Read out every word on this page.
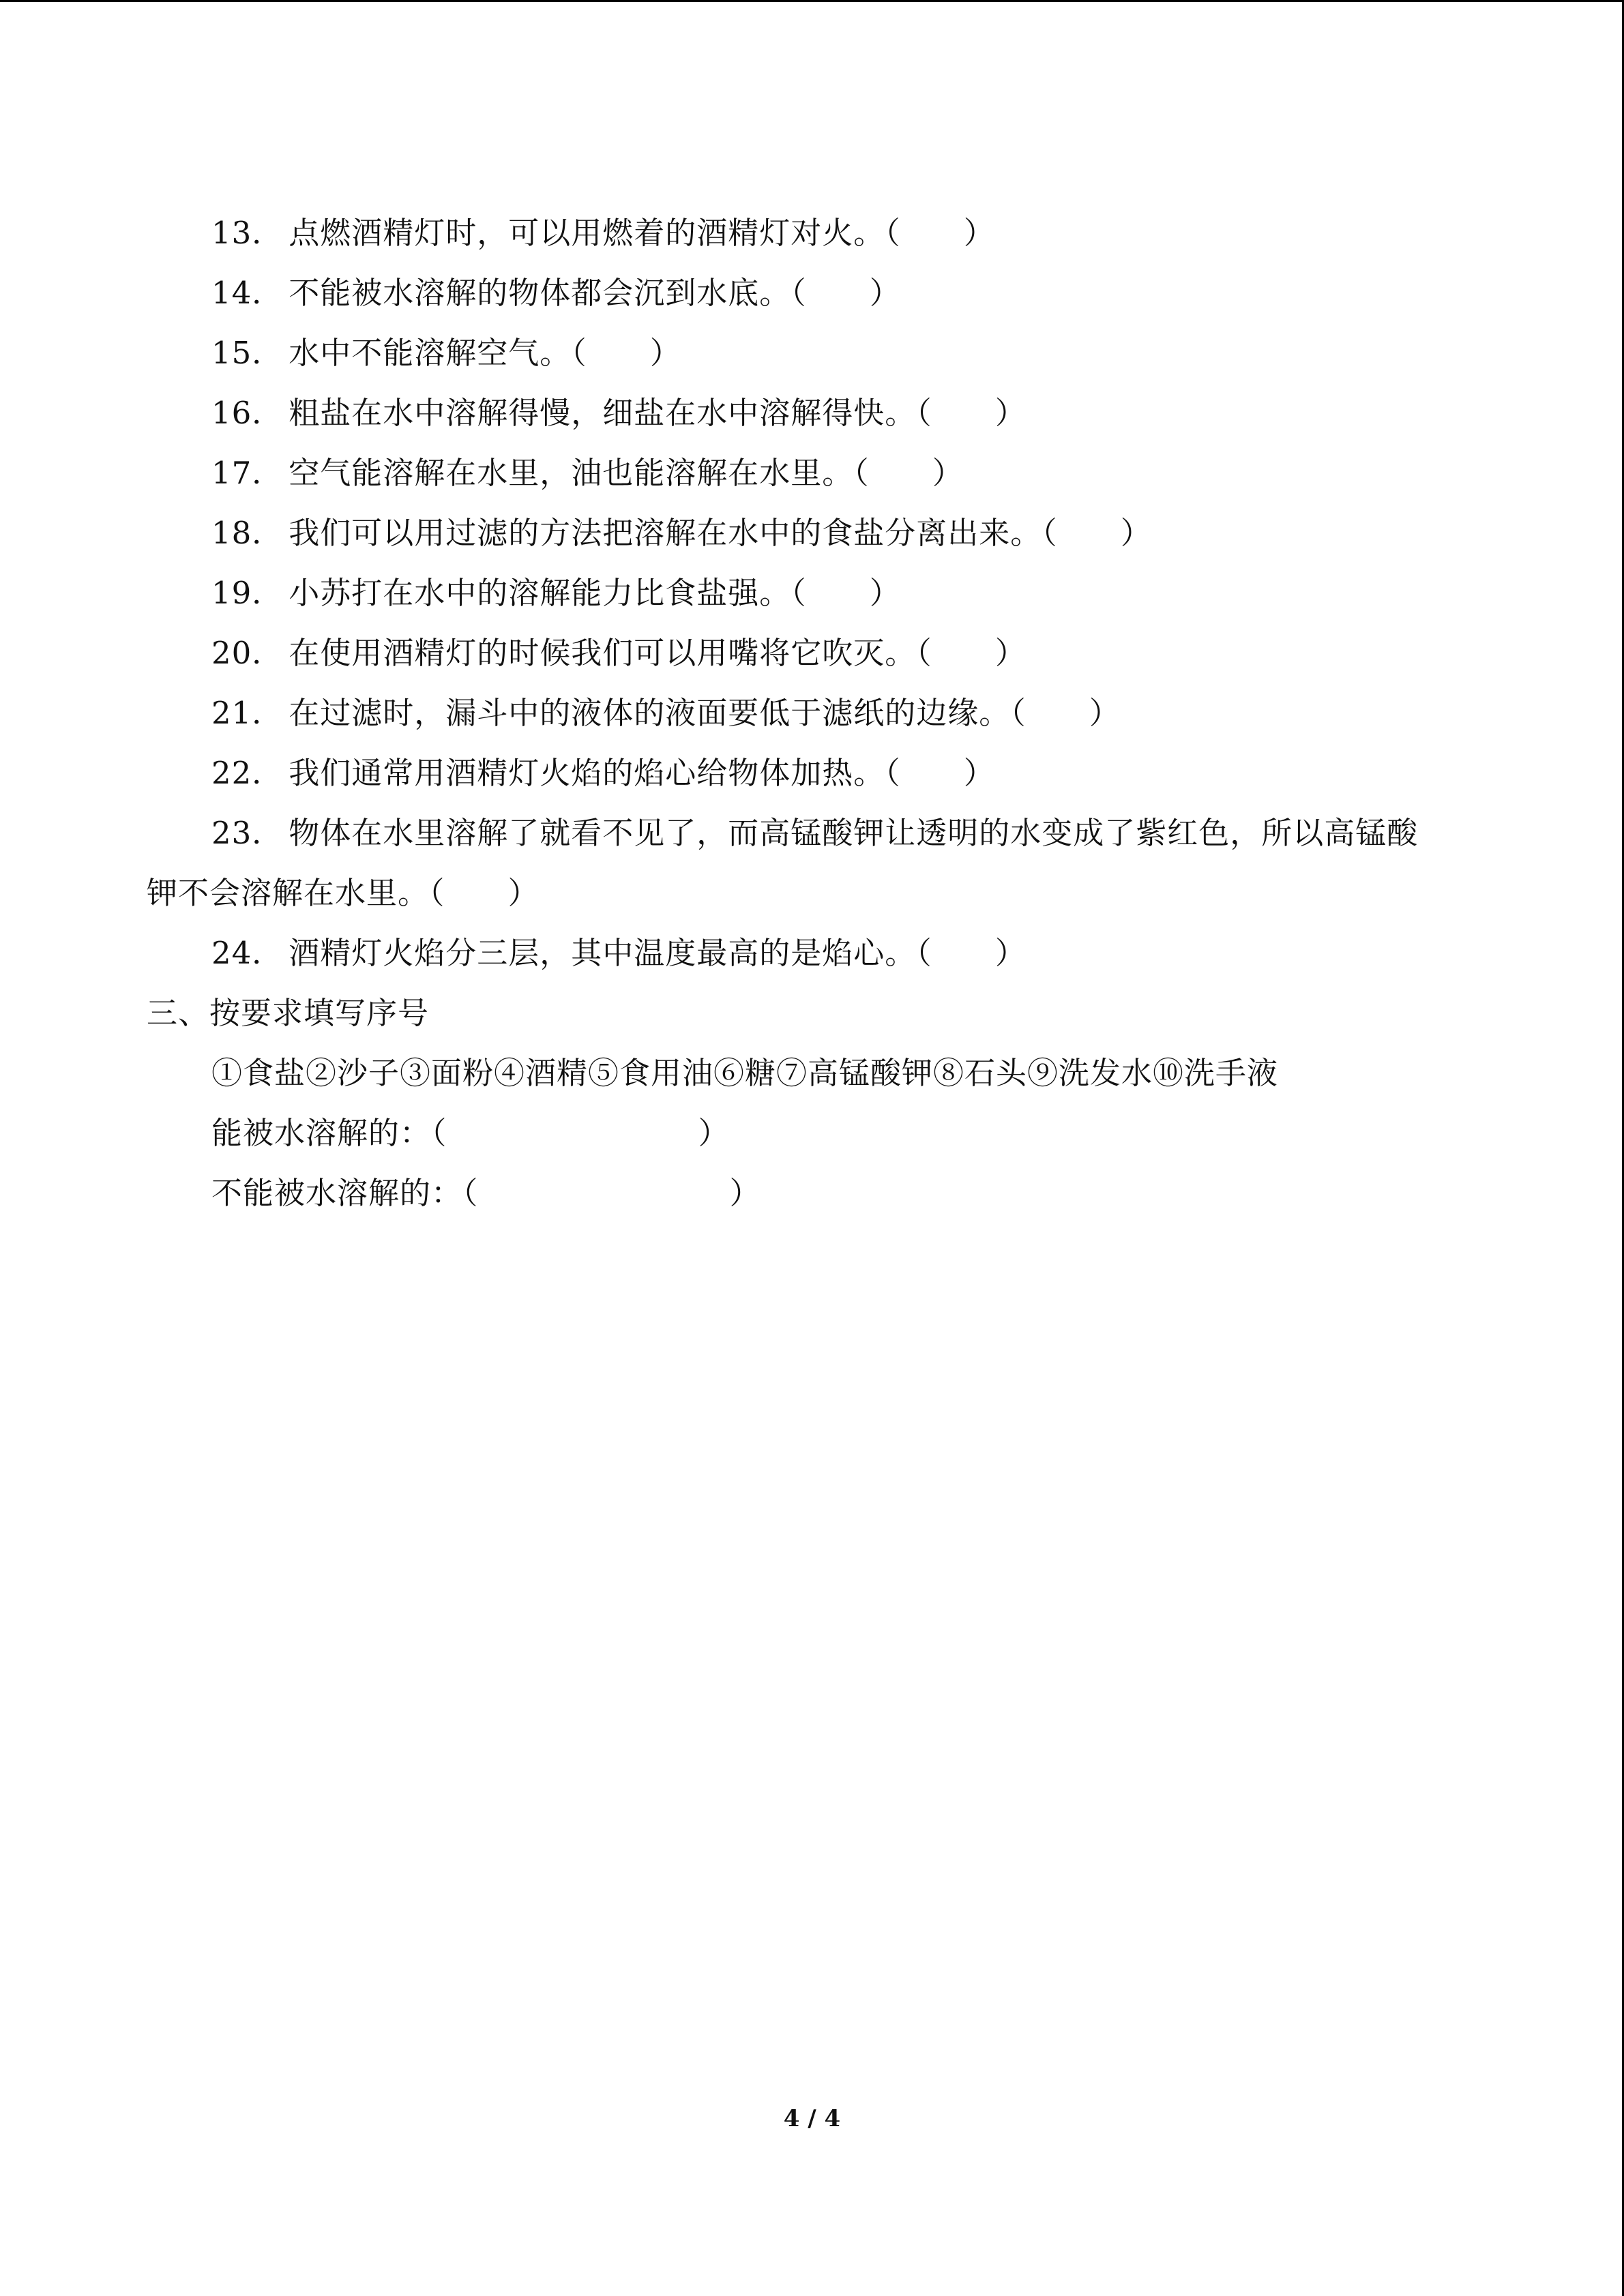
13． 点燃酒精灯时，可以用燃着的酒精灯对火。（　　）
14． 不能被水溶解的物体都会沉到水底。（　　）
15． 水中不能溶解空气。（　　）
16． 粗盐在水中溶解得慢，细盐在水中溶解得快。（　　）
17． 空气能溶解在水里，油也能溶解在水里。（　　）
18． 我们可以用过滤的方法把溶解在水中的食盐分离出来。（　　）
19． 小苏打在水中的溶解能力比食盐强。（　　）
20． 在使用酒精灯的时候我们可以用嘴将它吹灭。（　　）
21． 在过滤时，漏斗中的液体的液面要低于滤纸的边缘。（　　）
22． 我们通常用酒精灯火焰的焰心给物体加热。（　　）
23． 物体在水里溶解了就看不见了，而高锰酸钾让透明的水变成了紫红色，所以高锰酸
钾不会溶解在水里。（　　）
24． 酒精灯火焰分三层，其中温度最高的是焰心。（　　）
三、按要求填写序号
①食盐②沙子③面粉④酒精⑤食用油⑥糖⑦高锰酸钾⑧石头⑨洗发水⑩洗手液
能被水溶解的：（　　　　　　　　）
不能被水溶解的：（　　　　　　　　）
4 / 4
